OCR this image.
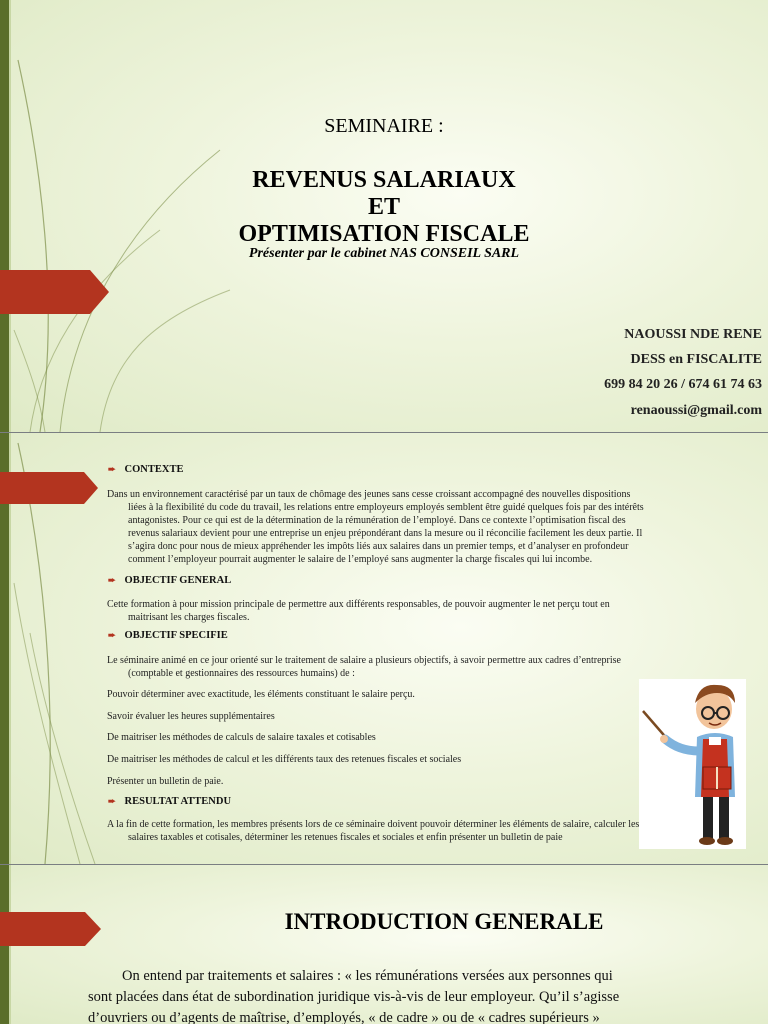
SEMINAIRE :
REVENUS SALARIAUX
ET
OPTIMISATION FISCALE
Présenter par le cabinet NAS CONSEIL SARL
NAOUSSI NDE RENE
DESS en FISCALITE
699 84 20 26 / 674 61 74 63
renaoussi@gmail.com
➨ CONTEXTE
Dans un environnement caractérisé par un taux de chômage des jeunes sans cesse croissant accompagné des nouvelles dispositions
liées à la flexibilité du code du travail, les relations entre employeurs employés semblent être guidé quelques fois par des intérêts
antagonistes. Pour ce qui est de la détermination de la rémunération de l’employé. Dans ce contexte l’optimisation fiscal des
revenus salariaux devient pour une entreprise un enjeu prépondérant dans la mesure ou il réconcilie facilement les deux partie. Il
s’agira donc pour nous de mieux appréhender les impôts liés aux salaires dans un premier temps, et d’analyser en profondeur
comment l’employeur pourrait augmenter le salaire de l’employé sans augmenter la charge fiscales qui lui incombe.
➨ OBJECTIF GENERAL
Cette formation à pour mission principale de permettre aux différents responsables, de pouvoir augmenter le net perçu tout en
maitrisant les charges fiscales.
➨ OBJECTIF SPECIFIE
Le séminaire animé en ce jour orienté sur le traitement de salaire a plusieurs objectifs, à savoir permettre aux cadres d’entreprise
(comptable et gestionnaires des ressources humains) de :
Pouvoir déterminer avec exactitude, les éléments constituant le salaire perçu.
Savoir évaluer les heures supplémentaires
De maitriser les méthodes de calculs de salaire taxales et cotisables
De maitriser les méthodes de calcul et les différents taux des retenues fiscales et sociales
Présenter un bulletin de paie.
➨ RESULTAT ATTENDU
A la fin de cette formation, les membres présents lors de ce séminaire doivent pouvoir déterminer les éléments de salaire, calculer les
salaires taxables et cotisales, déterminer les retenues fiscales et sociales et enfin présenter un bulletin de paie
INTRODUCTION GENERALE
On entend par traitements et salaires : « les rémunérations versées aux personnes qui
sont placées dans état de subordination juridique vis-à-vis de leur employeur. Qu’il s’agisse
d’ouvriers ou d’agents de maîtrise, d’employés, « de cadre » ou de « cadres supérieurs »
